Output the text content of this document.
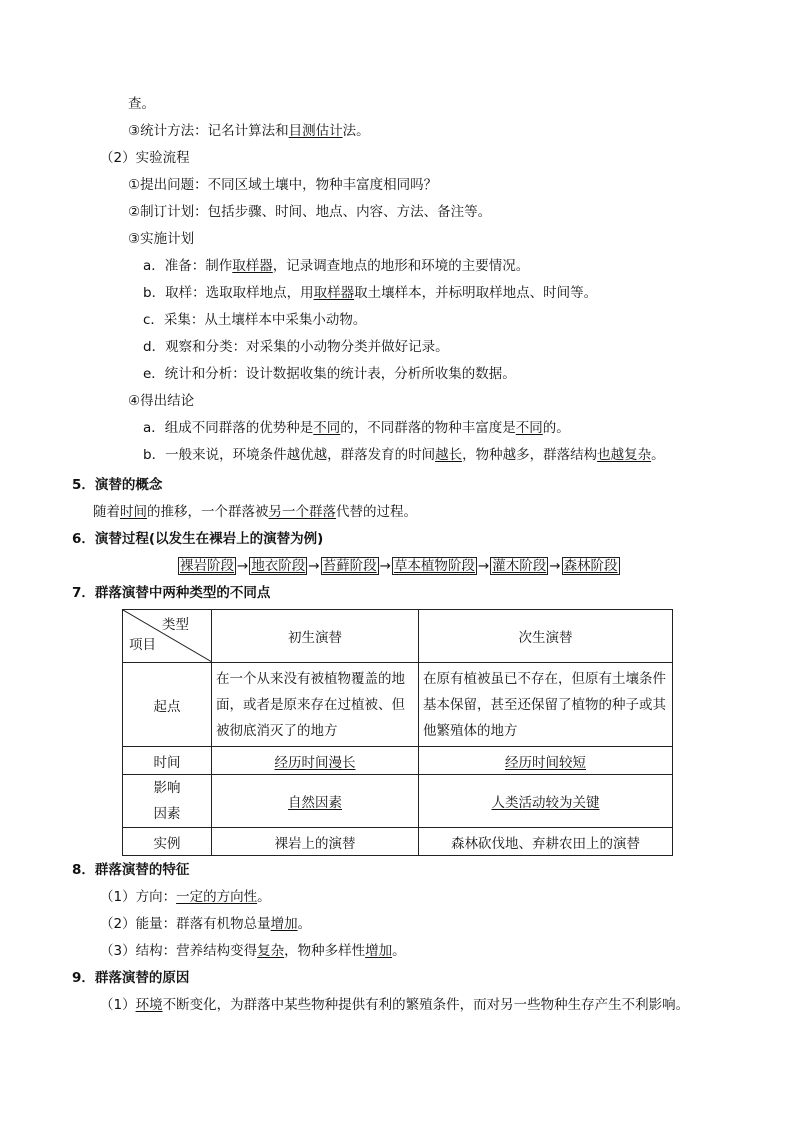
查。
③统计方法：记名计算法和目测估计法。
（2）实验流程
①提出问题：不同区域土壤中，物种丰富度相同吗？
②制订计划：包括步骤、时间、地点、内容、方法、备注等。
③实施计划
a．准备：制作取样器，记录调查地点的地形和环境的主要情况。
b．取样：选取取样地点，用取样器取土壤样本，并标明取样地点、时间等。
c．采集：从土壤样本中采集小动物。
d．观察和分类：对采集的小动物分类并做好记录。
e．统计和分析：设计数据收集的统计表，分析所收集的数据。
④得出结论
a．组成不同群落的优势种是不同的，不同群落的物种丰富度是不同的。
b．一般来说，环境条件越优越，群落发育的时间越长，物种越多，群落结构也越复杂。
5．演替的概念
随着时间的推移，一个群落被另一个群落代替的过程。
6．演替过程(以发生在裸岩上的演替为例)
裸岩阶段 → 地衣阶段 → 苔藓阶段 → 草本植物阶段 → 灌木阶段 → 森林阶段
7．群落演替中两种类型的不同点
类型
项目	初生演替	次生演替
起点	在一个从来没有被植物覆盖的地面，或者是原来存在过植被、但被彻底消灭了的地方	在原有植被虽已不存在，但原有土壤条件基本保留，甚至还保留了植物的种子或其他繁殖体的地方
时间	经历时间漫长	经历时间较短
影响因素	自然因素	人类活动较为关键
实例	裸岩上的演替	森林砍伐地、弃耕农田上的演替
8．群落演替的特征
（1）方向：一定的方向性。
（2）能量：群落有机物总量增加。
（3）结构：营养结构变得复杂，物种多样性增加。
9．群落演替的原因
（1）环境不断变化，为群落中某些物种提供有利的繁殖条件，而对另一些物种生存产生不利影响。
